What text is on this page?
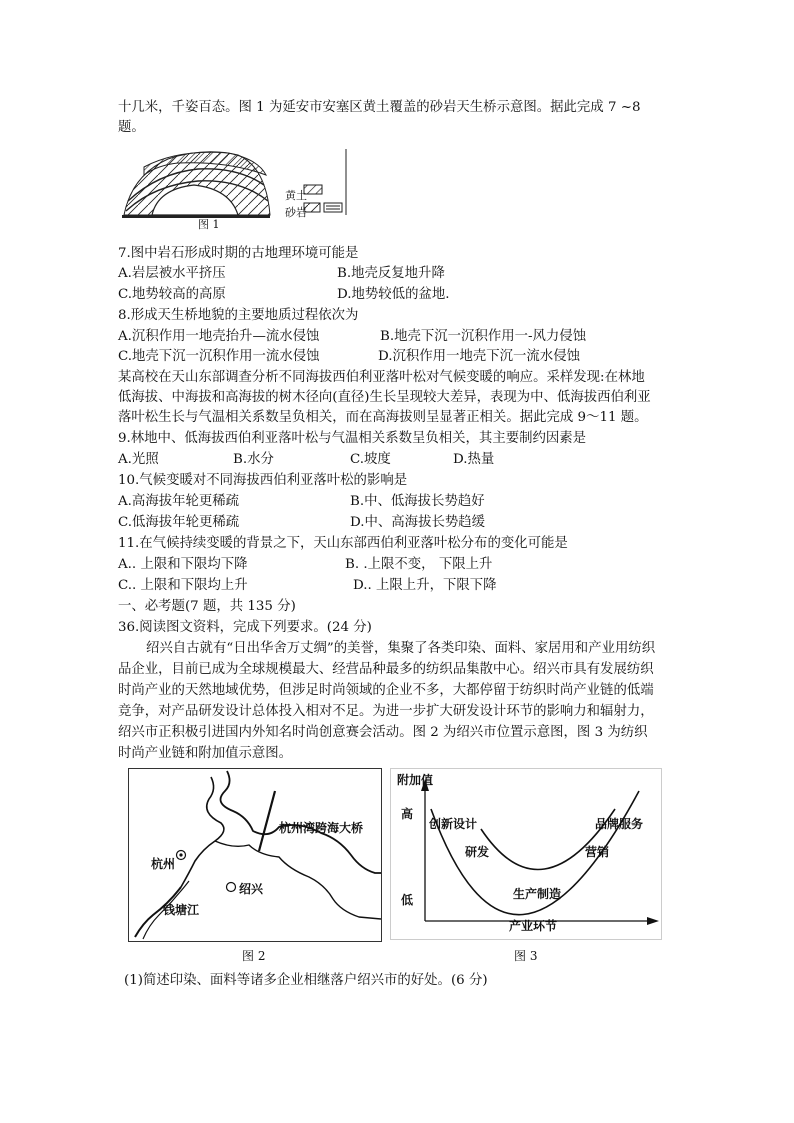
十几米，千姿百态。图 1 为延安市安塞区黄土覆盖的砂岩天生桥示意图。据此完成 7 ~8
题。
黄土
砂岩
图 1
7.图中岩石形成时期的古地理环境可能是
A.岩层被水平挤压	B.地壳反复地升降
C.地势较高的高原	D.地势较低的盆地.
8.形成天生桥地貌的主要地质过程依次为
A.沉积作用一地壳抬升—流水侵蚀	B.地壳下沉一沉积作用一-风力侵蚀
C.地壳下沉一沉积作用一流水侵蚀	D.沉积作用一地壳下沉一流水侵蚀
某高校在天山东部调查分析不同海拔西伯利亚落叶松对气候变暖的响应。采样发现:在林地
低海拔、中海拔和高海拔的树木径向(直径)生长呈现较大差异，表现为中、低海拔西伯利亚
落叶松生长与气温相关系数呈负相关，而在高海拔则呈显著正相关。据此完成 9～11 题。
9.林地中、低海拔西伯利亚落叶松与气温相关系数呈负相关，其主要制约因素是
A.光照	B.水分	C.坡度	D.热量
10.气候变暖对不同海拔西伯利亚落叶松的影响是
A.高海拔年轮更稀疏	B.中、低海拔长势趋好
C.低海拔年轮更稀疏	D.中、高海拔长势趋缓
11.在气候持续变暖的背景之下，天山东部西伯利亚落叶松分布的变化可能是
A.. 上限和下限均下降	B. .上限不变， 下限上升
C.. 上限和下限均上升	D.. 上限上升，下限下降
一、必考题(7 题，共 135 分)
36.阅读图文资料，完成下列要求。(24 分)
绍兴自古就有“日出华舍万丈绸”的美誉，集聚了各类印染、面料、家居用和产业用纺织
品企业，目前已成为全球规模最大、经营品种最多的纺织品集散中心。绍兴市具有发展纺织
时尚产业的天然地域优势，但涉足时尚领域的企业不多，大都停留于纺织时尚产业链的低端
竞争，对产品研发设计总体投入相对不足。为进一步扩大研发设计环节的影响力和辐射力，
绍兴市正积极引进国内外知名时尚创意赛会活动。图 2 为绍兴市位置示意图，图 3 为纺织
时尚产业链和附加值示意图。
杭州湾跨海大桥
杭州
绍兴
钱塘江
图 2
附加值
高
低
创新设计
研发
品牌服务
营销
生产制造
产业环节
图 3
(1)简述印染、面料等诸多企业相继落户绍兴市的好处。(6 分)
